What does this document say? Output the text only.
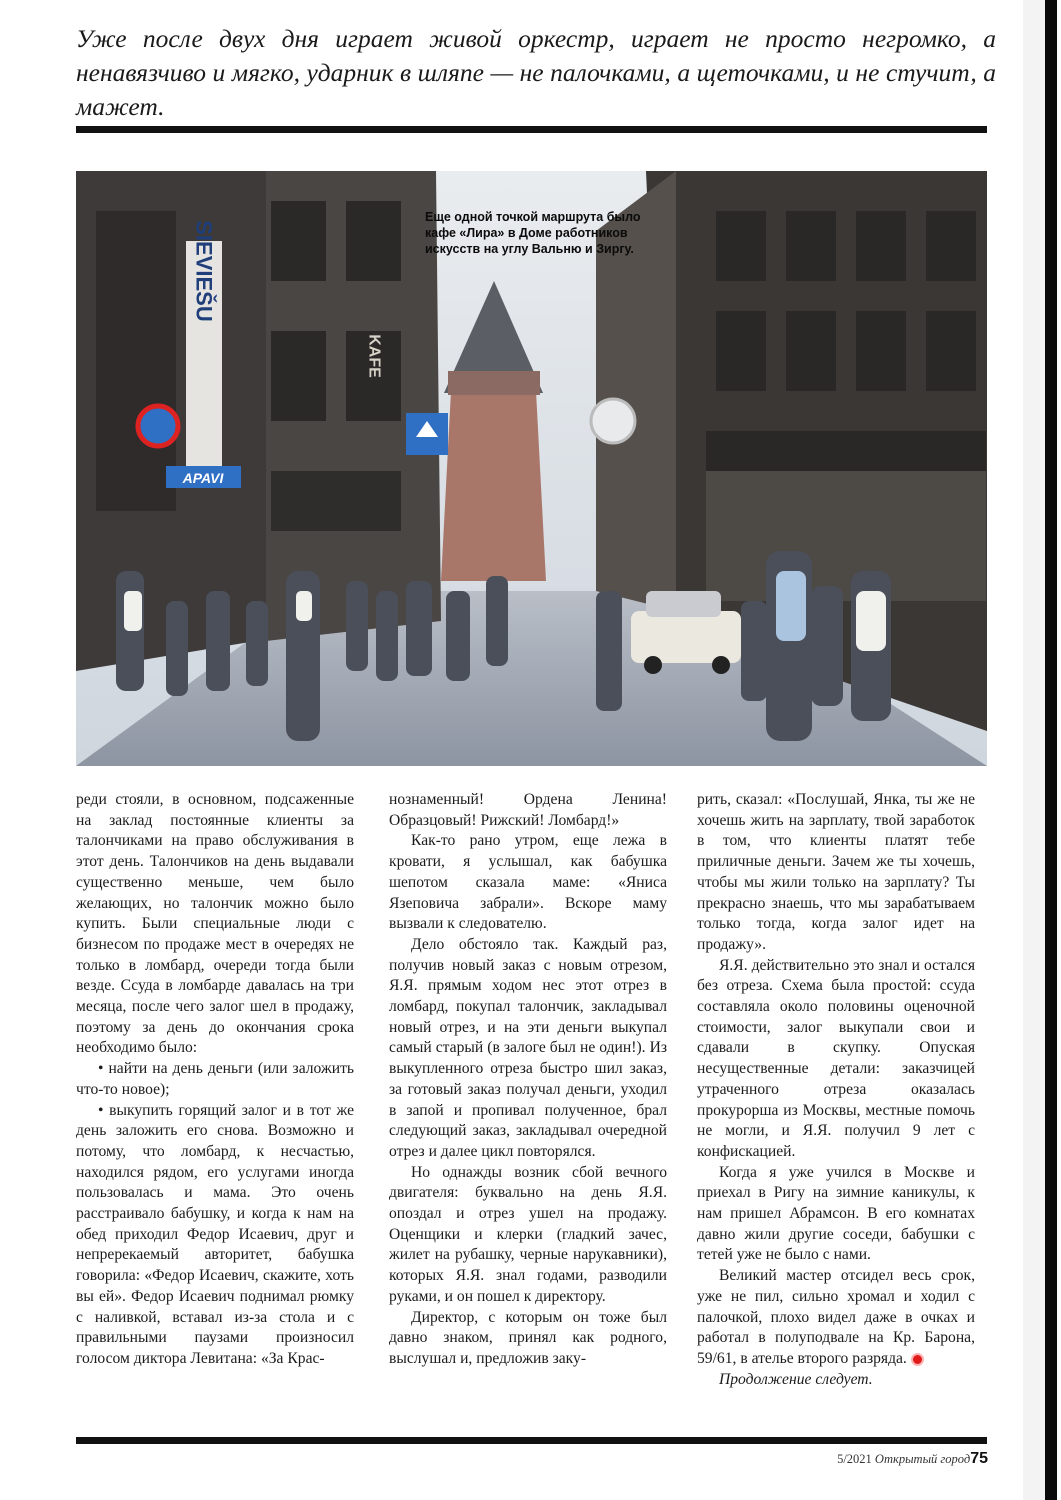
Уже после двух дня играет живой оркестр, играет не просто негромко, а ненавязчиво и мягко, ударник в шляпе — не палочками, а щеточками, и не стучит, а мажет.

SIEVIEŠU
APAVI
KAFE

Еще одной точкой маршрута было кафе «Лира» в Доме работников искусств на углу Вальню и Зиргу.

реди стояли, в основном, подсаженные на заклад постоянные клиенты за талончиками на право обслуживания в этот день. Талончиков на день выдавали существенно меньше, чем было желающих, но талончик можно было купить. Были специальные люди с бизнесом по продаже мест в очередях не только в ломбард, очереди тогда были везде. Ссуда в ломбарде давалась на три месяца, после чего залог шел в продажу, поэтому за день до окончания срока необходимо было:

• найти на день деньги (или заложить что-то новое);

• выкупить горящий залог и в тот же день заложить его снова. Возможно и потому, что ломбард, к несчастью, находился рядом, его услугами иногда пользовалась и мама. Это очень расстраивало бабушку, и когда к нам на обед приходил Федор Исаевич, друг и непререкаемый авторитет, бабушка говорила: «Федор Исаевич, скажите, хоть вы ей». Федор Исаевич поднимал рюмку с наливкой, вставал из-за стола и с правильными паузами произносил голосом диктора Левитана: «За Крас-

нознаменный! Ордена Ленина! Образцовый! Рижский! Ломбард!»

Как-то рано утром, еще лежа в кровати, я услышал, как бабушка шепотом сказала маме: «Яниса Язеповича забрали». Вскоре маму вызвали к следователю.

Дело обстояло так. Каждый раз, получив новый заказ с новым отрезом, Я.Я. прямым ходом нес этот отрез в ломбард, покупал талончик, закладывал новый отрез, и на эти деньги выкупал самый старый (в залоге был не один!). Из выкупленного отреза быстро шил заказ, за готовый заказ получал деньги, уходил в запой и пропивал полученное, брал следующий заказ, закладывал очередной отрез и далее цикл повторялся.

Но однажды возник сбой вечного двигателя: буквально на день Я.Я. опоздал и отрез ушел на продажу. Оценщики и клерки (гладкий зачес, жилет на рубашку, черные нарукавники), которых Я.Я. знал годами, разводили руками, и он пошел к директору.

Директор, с которым он тоже был давно знаком, принял как родного, выслушал и, предложив заку-

рить, сказал: «Послушай, Янка, ты же не хочешь жить на зарплату, твой заработок в том, что клиенты платят тебе приличные деньги. Зачем же ты хочешь, чтобы мы жили только на зарплату? Ты прекрасно знаешь, что мы зарабатываем только тогда, когда залог идет на продажу».

Я.Я. действительно это знал и остался без отреза. Схема была простой: ссуда составляла около половины оценочной стоимости, залог выкупали свои и сдавали в скупку. Опуская несущественные детали: заказчицей утраченного отреза оказалась прокурорша из Москвы, местные помочь не могли, и Я.Я. получил 9 лет с конфискацией.

Когда я уже учился в Москве и приехал в Ригу на зимние каникулы, к нам пришел Абрамсон. В его комнатах давно жили другие соседи, бабушки с тетей уже не было с нами.

Великий мастер отсидел весь срок, уже не пил, сильно хромал и ходил с палочкой, плохо видел даже в очках и работал в полуподвале на Кр. Барона, 59/61, в ателье второго разряда.

Продолжение следует.

5/2021 Открытый город75
